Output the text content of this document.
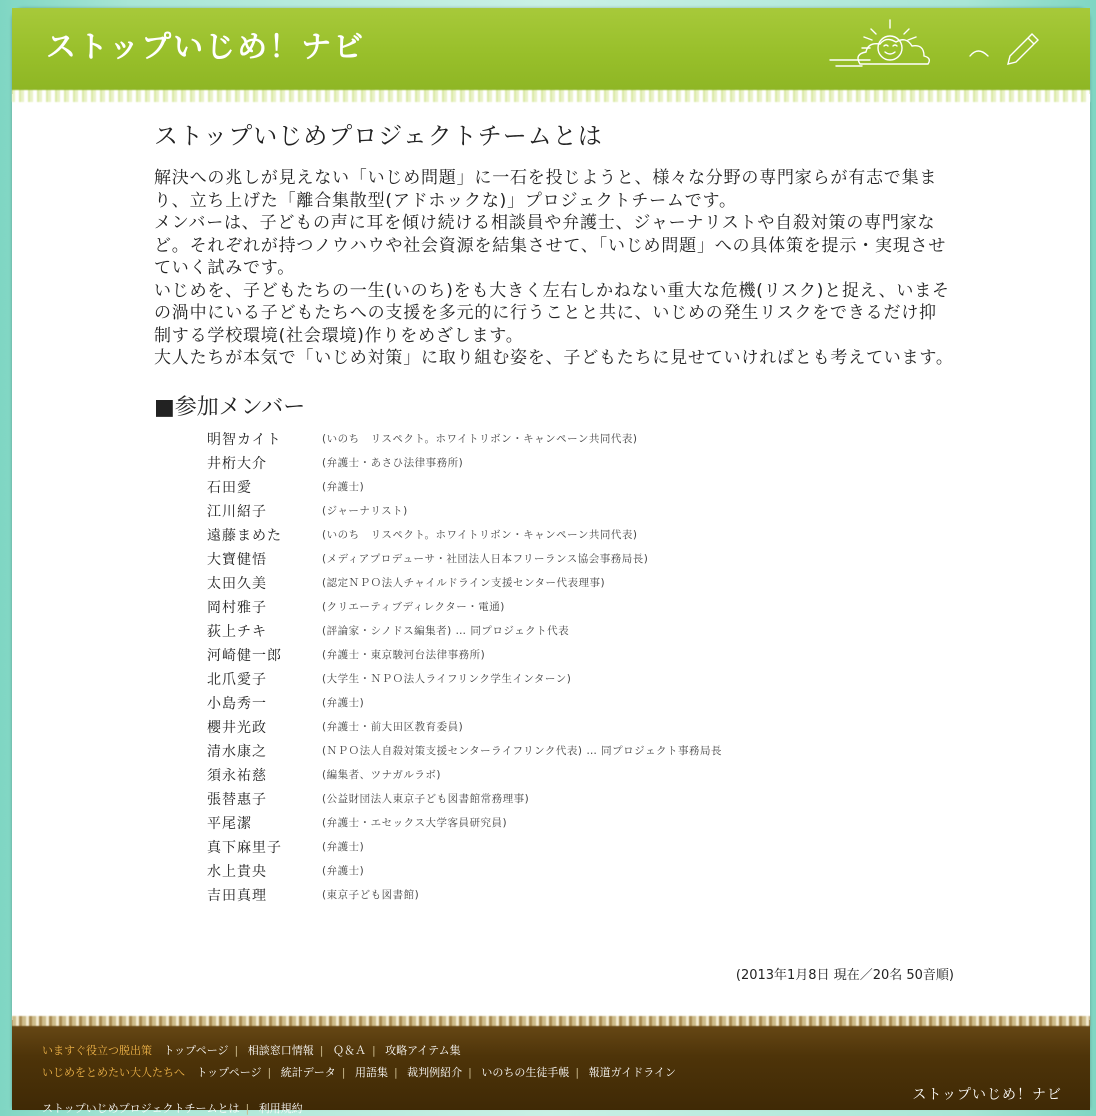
ストップいじめ！ナビ
ストップいじめプロジェクトチームとは

解決への兆しが見えない「いじめ問題」に一石を投じようと、様々な分野の専門家らが有志で集まり、立ち上げた「離合集散型(アドホックな)」プロジェクトチームです。

メンバーは、子どもの声に耳を傾け続ける相談員や弁護士、ジャーナリストや自殺対策の専門家など。それぞれが持つノウハウや社会資源を結集させて、「いじめ問題」への具体策を提示・実現させていく試みです。

いじめを、子どもたちの一生(いのち)をも大きく左右しかねない重大な危機(リスク)と捉え、いまその渦中にいる子どもたちへの支援を多元的に行うことと共に、いじめの発生リスクをできるだけ抑制する学校環境(社会環境)作りをめざします。

大人たちが本気で「いじめ対策」に取り組む姿を、子どもたちに見せていければとも考えています。

■参加メンバー
明智カイト	(いのち　リスペクト。ホワイトリボン・キャンペーン共同代表)
井桁大介	(弁護士・あさひ法律事務所)
石田愛	(弁護士)
江川紹子	(ジャーナリスト)
遠藤まめた	(いのち　リスペクト。ホワイトリボン・キャンペーン共同代表)
大寶健悟	(メディアプロデューサ・社団法人日本フリーランス協会事務局長)
太田久美	(認定ＮＰＯ法人チャイルドライン支援センター代表理事)
岡村雅子	(クリエーティブディレクター・電通)
荻上チキ	(評論家・シノドス編集者) … 同プロジェクト代表
河崎健一郎	(弁護士・東京駿河台法律事務所)
北爪愛子	(大学生・ＮＰＯ法人ライフリンク学生インターン)
小島秀一	(弁護士)
櫻井光政	(弁護士・前大田区教育委員)
清水康之	(ＮＰＯ法人自殺対策支援センターライフリンク代表) … 同プロジェクト事務局長
須永祐慈	(編集者、ツナガルラボ)
張替惠子	(公益財団法人東京子ども図書館常務理事)
平尾潔	(弁護士・エセックス大学客員研究員)
真下麻里子	(弁護士)
水上貴央	(弁護士)
吉田真理	(東京子ども図書館)
(2013年1月8日 現在／20名 50音順)
いますぐ役立つ脱出策 トップページ | 相談窓口情報 | Ｑ＆Ａ | 攻略アイテム集
いじめをとめたい大人たちへ トップページ | 統計データ | 用語集 | 裁判例紹介 | いのちの生徒手帳 | 報道ガイドライン
ストップいじめ！ナビ
ストップいじめプロジェクトチームとは | 利用規約
